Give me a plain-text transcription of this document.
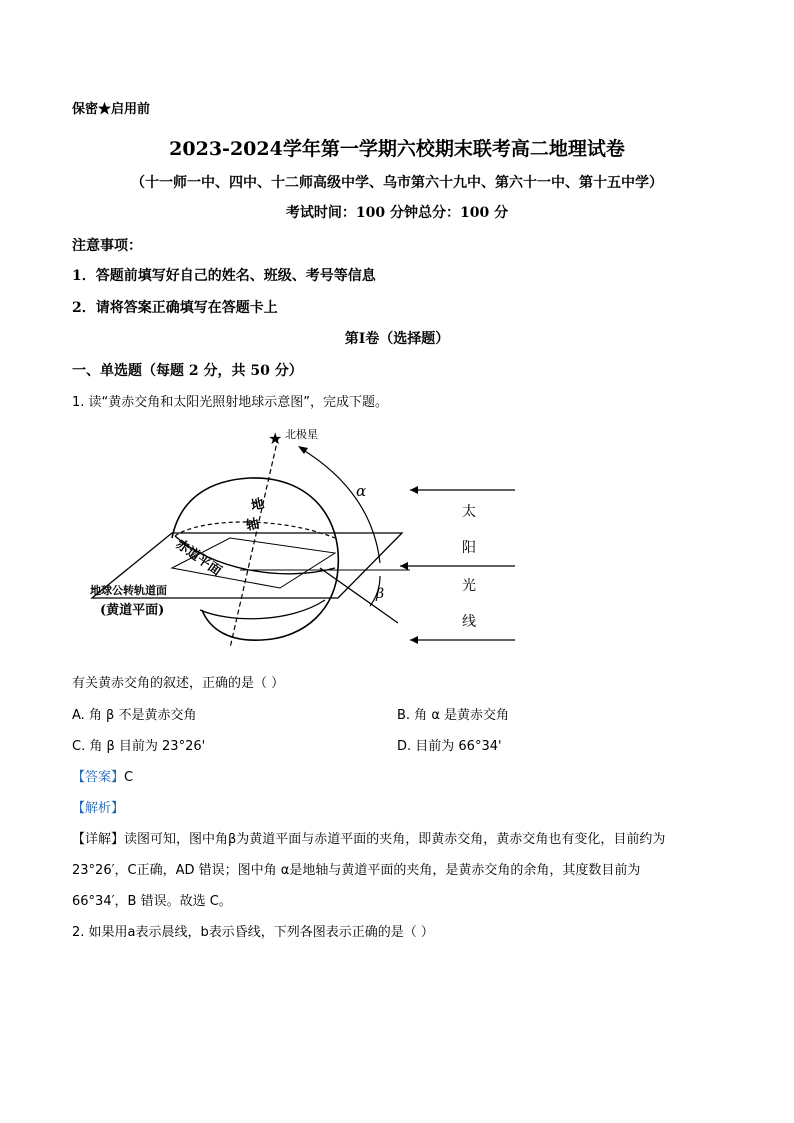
保密★启用前
2023-2024学年第一学期六校期末联考高二地理试卷
（十一师一中、四中、十二师高级中学、乌市第六十九中、第六十一中、第十五中学）
考试时间：100 分钟总分：100 分
注意事项：
1．答题前填写好自己的姓名、班级、考号等信息
2．请将答案正确填写在答题卡上
第I卷（选择题）
一、单选题（每题 2 分，共 50 分）
1. 读“黄赤交角和太阳光照射地球示意图”，完成下题。
★ 北极星
α
β
地
轴
赤道平面
地球公转轨道面
(黄道平面)
太
阳
光
线
有关黄赤交角的叙述，正确的是（ ）
A. 角 β 不是黄赤交角	B. 角 α 是黄赤交角
C. 角 β 目前为 23°26'	D. 目前为 66°34'
【答案】C
【解析】
【详解】读图可知，图中角β为黄道平面与赤道平面的夹角，即黄赤交角，黄赤交角也有变化，目前约为
23°26′，C正确，AD 错误；图中角 α是地轴与黄道平面的夹角，是黄赤交角的余角，其度数目前为
66°34′，B 错误。故选 C。
2. 如果用a表示晨线，b表示昏线，下列各图表示正确的是（ ）
